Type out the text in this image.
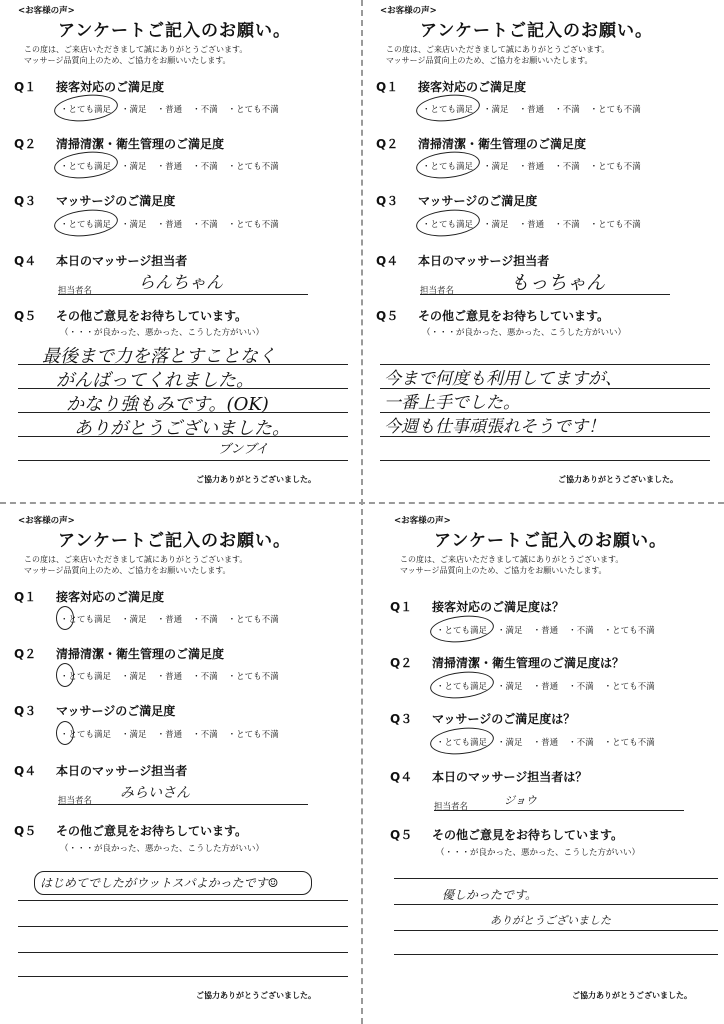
<お客様の声>
アンケートご記入のお願い。
この度は、ご来店いただきまして誠にありがとうございます。
マッサージ品質向上のため、ご協力をお願いいたします。
Q１ 接客対応のご満足度
・ とても満足	・ 満足	・ 普通	・ 不満	・ とても不満
Q２ 清掃清潔・衛生管理のご満足度
・ とても満足	・ 満足	・ 普通	・ 不満	・ とても不満
Q３ マッサージのご満足度
・ とても満足	・ 満足	・ 普通	・ 不満	・ とても不満
Q４ 本日のマッサージ担当者
担当者名	らんちゃん
Q５ その他ご意見をお待ちしています。
（・・・が良かった、悪かった、こうした方がいい）
最後まで力を落とすことなく
がんばってくれました。
かなり強もみです。(OK)
ありがとうございました。
ブンブイ
ご協力ありがとうございました。
<お客様の声>
アンケートご記入のお願い。
この度は、ご来店いただきまして誠にありがとうございます。
マッサージ品質向上のため、ご協力をお願いいたします。
Q１ 接客対応のご満足度
・ とても満足	・ 満足	・ 普通	・ 不満	・ とても不満
Q２ 清掃清潔・衛生管理のご満足度
・ とても満足	・ 満足	・ 普通	・ 不満	・ とても不満
Q３ マッサージのご満足度
・ とても満足	・ 満足	・ 普通	・ 不満	・ とても不満
Q４ 本日のマッサージ担当者
担当者名	もっちゃん
Q５ その他ご意見をお待ちしています。
（・・・が良かった、悪かった、こうした方がいい）
今まで何度も利用してますが、
一番上手でした。
今週も仕事頑張れそうです！
ご協力ありがとうございました。
<お客様の声>
アンケートご記入のお願い。
この度は、ご来店いただきまして誠にありがとうございます。
マッサージ品質向上のため、ご協力をお願いいたします。
Q１ 接客対応のご満足度
・ とても満足	・ 満足	・ 普通	・ 不満	・ とても不満
Q２ 清掃清潔・衛生管理のご満足度
・ とても満足	・ 満足	・ 普通	・ 不満	・ とても不満
Q３ マッサージのご満足度
・ とても満足	・ 満足	・ 普通	・ 不満	・ とても不満
Q４ 本日のマッサージ担当者
担当者名 みらいさん
Q５ その他ご意見をお待ちしています。
（・・・が良かった、悪かった、こうした方がいい）
はじめてでしたがウットスパよかったです☺
ご協力ありがとうございました。
<お客様の声>
アンケートご記入のお願い。
この度は、ご来店いただきまして誠にありがとうございます。
マッサージ品質向上のため、ご協力をお願いいたします。
Q１ 接客対応のご満足度は？
・ とても満足	・ 満足	・ 普通	・ 不満	・ とても不満
Q２ 清掃清潔・衛生管理のご満足度は？
・ とても満足	・ 満足	・ 普通	・ 不満	・ とても不満
Q３ マッサージのご満足度は？
・ とても満足	・ 満足	・ 普通	・ 不満	・ とても不満
Q４ 本日のマッサージ担当者は？
担当者名	ジョウ
Q５ その他ご意見をお待ちしています。
（・・・が良かった、悪かった、こうした方がいい）
優しかったです。
ありがとうございました
ご協力ありがとうございました。
